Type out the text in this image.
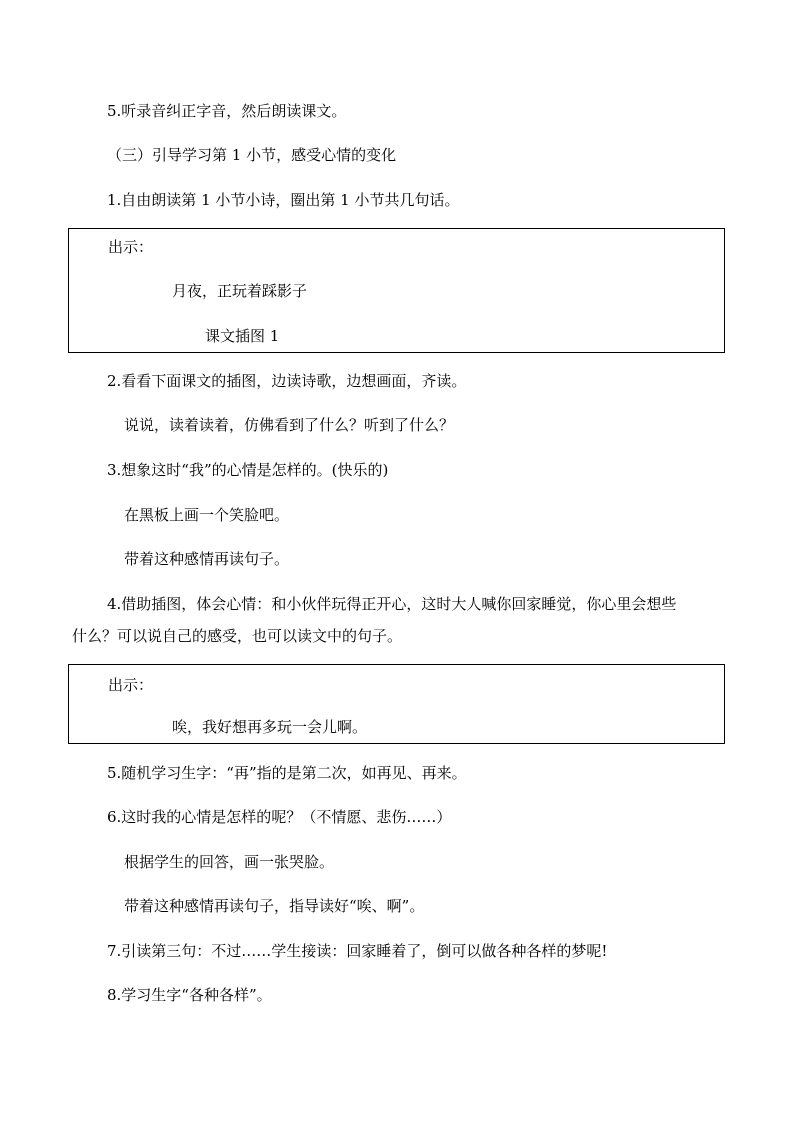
5.听录音纠正字音，然后朗读课文。
（三）引导学习第 1 小节，感受心情的变化
1.自由朗读第 1 小节小诗，圈出第 1 小节共几句话。
出示：
月夜，正玩着踩影子
课文插图 1
2.看看下面课文的插图，边读诗歌，边想画面，齐读。
说说，读着读着，仿佛看到了什么？听到了什么？
3.想象这时“我”的心情是怎样的。(快乐的)
在黑板上画一个笑脸吧。
带着这种感情再读句子。
4.借助插图，体会心情：和小伙伴玩得正开心，这时大人喊你回家睡觉，你心里会想些
什么？可以说自己的感受，也可以读文中的句子。
出示：
唉，我好想再多玩一会儿啊。
5.随机学习生字：“再”指的是第二次，如再见、再来。
6.这时我的心情是怎样的呢？（不情愿、悲伤……）
根据学生的回答，画一张哭脸。
带着这种感情再读句子，指导读好“唉、啊”。
7.引读第三句：不过……学生接读：回家睡着了，倒可以做各种各样的梦呢!
8.学习生字“各种各样”。
